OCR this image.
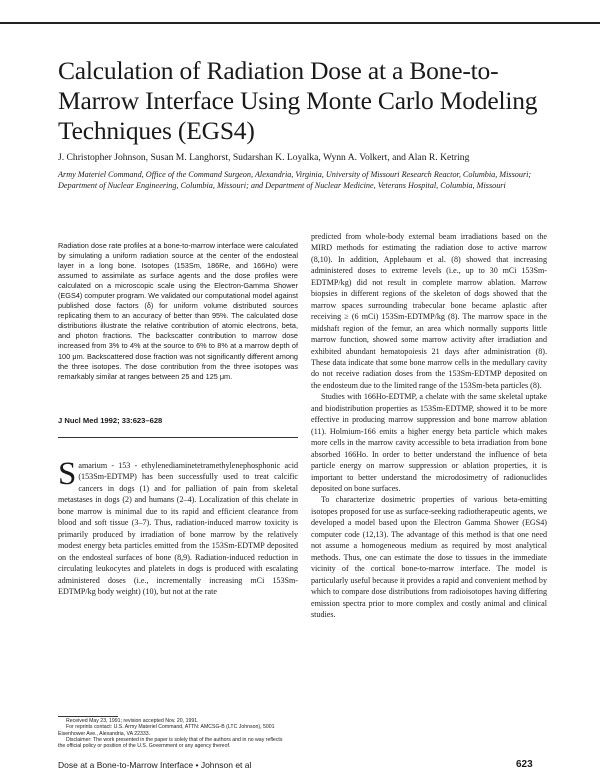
Calculation of Radiation Dose at a Bone-to-Marrow Interface Using Monte Carlo Modeling Techniques (EGS4)
J. Christopher Johnson, Susan M. Langhorst, Sudarshan K. Loyalka, Wynn A. Volkert, and Alan R. Ketring
Army Materiel Command, Office of the Command Surgeon, Alexandria, Virginia, University of Missouri Research Reactor, Columbia, Missouri; Department of Nuclear Engineering, Columbia, Missouri; and Department of Nuclear Medicine, Veterans Hospital, Columbia, Missouri
Radiation dose rate profiles at a bone-to-marrow interface were calculated by simulating a uniform radiation source at the center of the endosteal layer in a long bone. Isotopes (153Sm, 186Re, and 166Ho) were assumed to assimilate as surface agents and the dose profiles were calculated on a microscopic scale using the Electron-Gamma Shower (EGS4) computer program. We validated our computational model against published dose factors (δ) for uniform volume distributed sources replicating them to an accuracy of better than 95%. The calculated dose distributions illustrate the relative contribution of atomic electrons, beta, and photon fractions. The backscatter contribution to marrow dose increased from 3% to 4% at the source to 6% to 8% at a marrow depth of 100 μm. Backscattered dose fraction was not significantly different among the three isotopes. The dose contribution from the three isotopes was remarkably similar at ranges between 25 and 125 μm.
J Nucl Med 1992; 33:623–628
Samarium - 153 - ethylenediaminetetramethylenephosphonic acid (153Sm-EDTMP) has been successfully used to treat calcific cancers in dogs (1) and for palliation of pain from skeletal metastases in dogs (2) and humans (2–4). Localization of this chelate in bone marrow is minimal due to its rapid and efficient clearance from blood and soft tissue (3–7). Thus, radiation-induced marrow toxicity is primarily produced by irradiation of bone marrow by the relatively modest energy beta particles emitted from the 153Sm-EDTMP deposited on the endosteal surfaces of bone (8,9). Radiation-induced reduction in circulating leukocytes and platelets in dogs is produced with escalating administered doses (i.e., incrementally increasing mCi 153Sm-EDTMP/kg body weight) (10), but not at the rate

predicted from whole-body external beam irradiations based on the MIRD methods for estimating the radiation dose to active marrow (8,10). In addition, Applebaum et al. (8) showed that increasing administered doses to extreme levels (i.e., up to 30 mCi 153Sm-EDTMP/kg) did not result in complete marrow ablation. Marrow biopsies in different regions of the skeleton of dogs showed that the marrow spaces surrounding trabecular bone became aplastic after receiving ≥ (6 mCi) 153Sm-EDTMP/kg (8). The marrow space in the midshaft region of the femur, an area which normally supports little marrow function, showed some marrow activity after irradiation and exhibited abundant hematopoiesis 21 days after administration (8). These data indicate that some bone marrow cells in the medullary cavity do not receive radiation doses from the 153Sm-EDTMP deposited on the endosteum due to the limited range of the 153Sm-beta particles (8).

Studies with 166Ho-EDTMP, a chelate with the same skeletal uptake and biodistribution properties as 153Sm-EDTMP, showed it to be more effective in producing marrow suppression and bone marrow ablation (11). Holmium-166 emits a higher energy beta particle which makes more cells in the marrow cavity accessible to beta irradiation from bone absorbed 166Ho. In order to better understand the influence of beta particle energy on marrow suppression or ablation properties, it is important to better understand the microdosimetry of radionuclides deposited on bone surfaces.

To characterize dosimetric properties of various beta-emitting isotopes proposed for use as surface-seeking radiotherapeutic agents, we developed a model based upon the Electron Gamma Shower (EGS4) computer code (12,13). The advantage of this method is that one need not assume a homogeneous medium as required by most analytical methods. Thus, one can estimate the dose to tissues in the immediate vicinity of the cortical bone-to-marrow interface. The model is particularly useful because it provides a rapid and convenient method by which to compare dose distributions from radioisotopes having differing emission spectra prior to more complex and costly animal and clinical studies.

Received May 23, 1991; revision accepted Nov. 20, 1991.

For reprints contact: U.S. Army Materiel Command, ATTN: AMCSG-B (LTC Johnson), 5001 Eisenhower Ave., Alexandria, VA 22333.

Disclaimer: The work presented in the paper is solely that of the authors and in no way reflects the official policy or position of the U.S. Government or any agency thereof.

Dose at a Bone-to-Marrow Interface • Johnson et al	623
